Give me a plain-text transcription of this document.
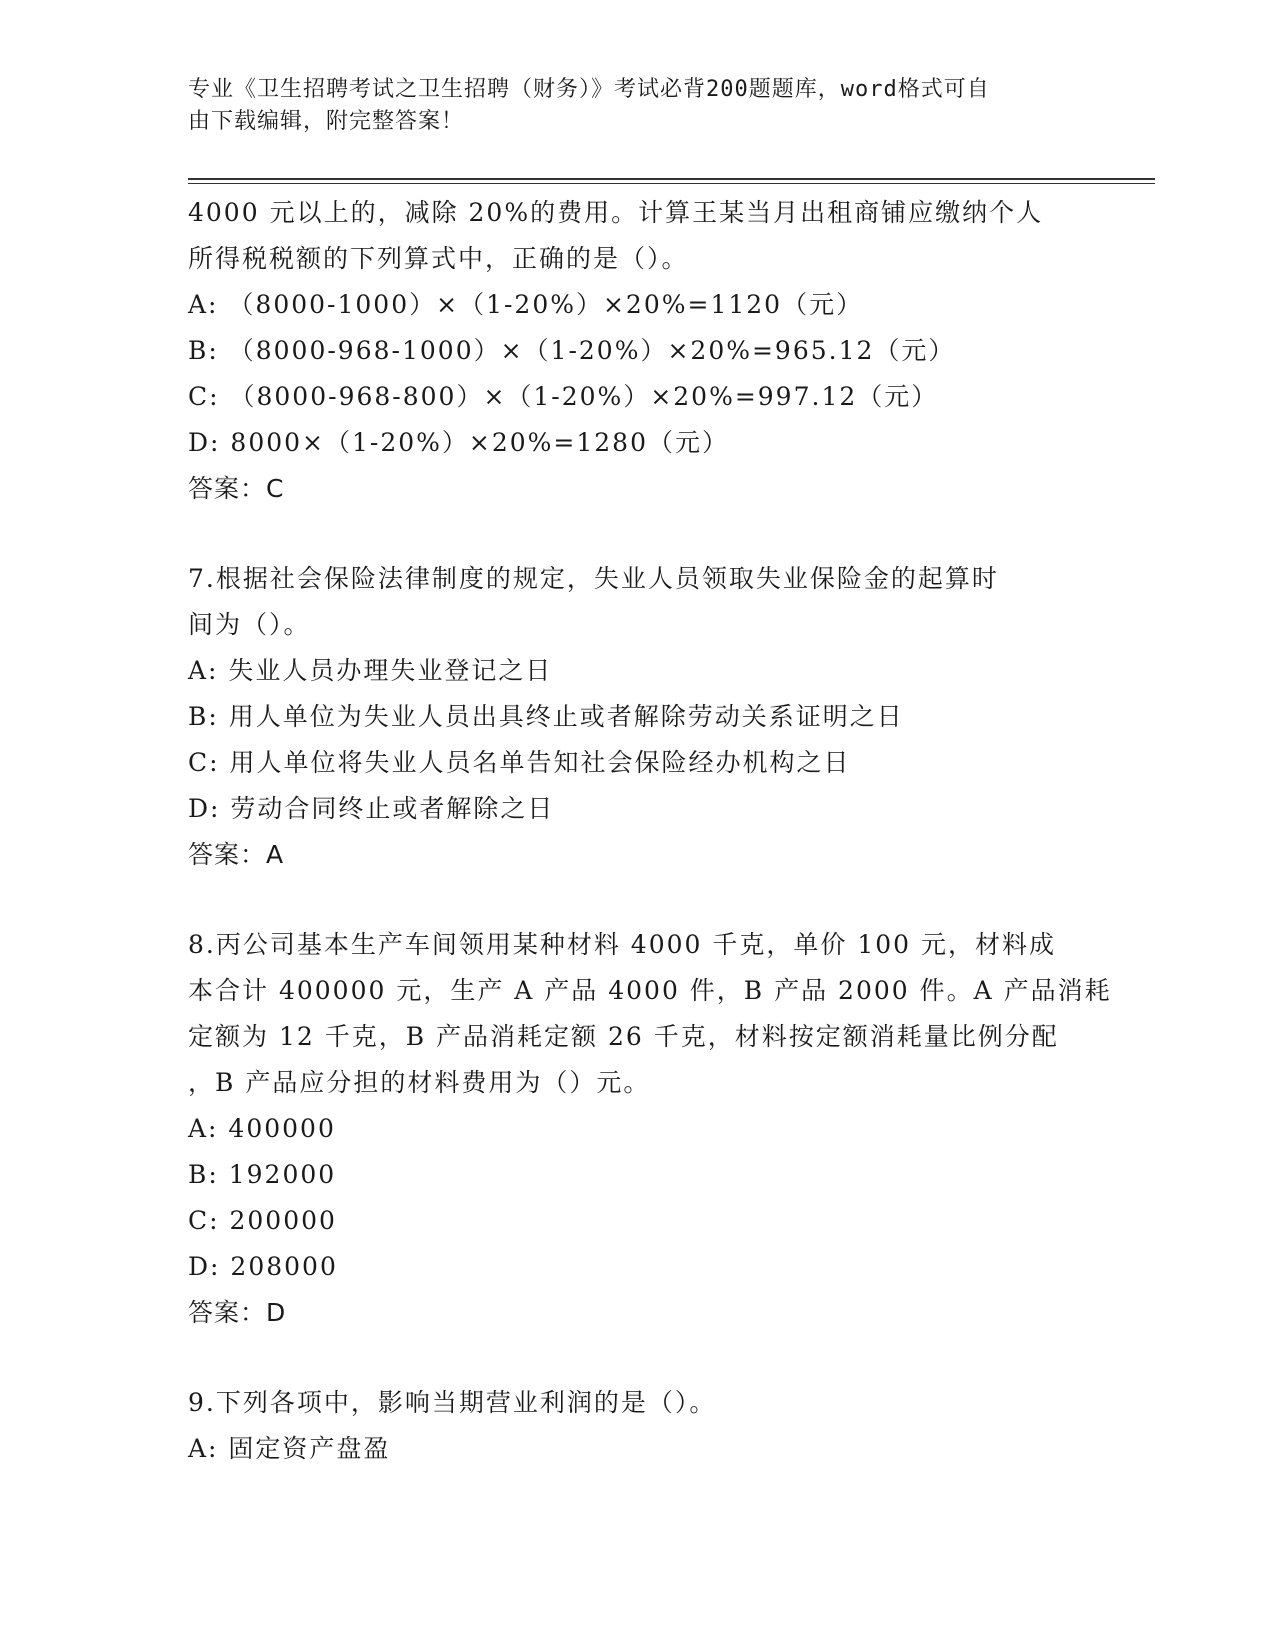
专业《卫生招聘考试之卫生招聘（财务）》考试必背200题题库，word格式可自
由下载编辑，附完整答案！
4000 元以上的，减除 20%的费用。计算王某当月出租商铺应缴纳个人
所得税税额的下列算式中，正确的是（）。
A: （8000-1000）×（1-20%）×20%=1120（元）
B: （8000-968-1000）×（1-20%）×20%=965.12（元）
C: （8000-968-800）×（1-20%）×20%=997.12（元）
D: 8000×（1-20%）×20%=1280（元）
答案：C
7.根据社会保险法律制度的规定，失业人员领取失业保险金的起算时
间为（）。
A: 失业人员办理失业登记之日
B: 用人单位为失业人员出具终止或者解除劳动关系证明之日
C: 用人单位将失业人员名单告知社会保险经办机构之日
D: 劳动合同终止或者解除之日
答案：A
8.丙公司基本生产车间领用某种材料 4000 千克，单价 100 元，材料成
本合计 400000 元，生产 A 产品 4000 件，B 产品 2000 件。A 产品消耗
定额为 12 千克，B 产品消耗定额 26 千克，材料按定额消耗量比例分配
，B 产品应分担的材料费用为（）元。
A: 400000
B: 192000
C: 200000
D: 208000
答案：D
9.下列各项中，影响当期营业利润的是（）。
A: 固定资产盘盈
